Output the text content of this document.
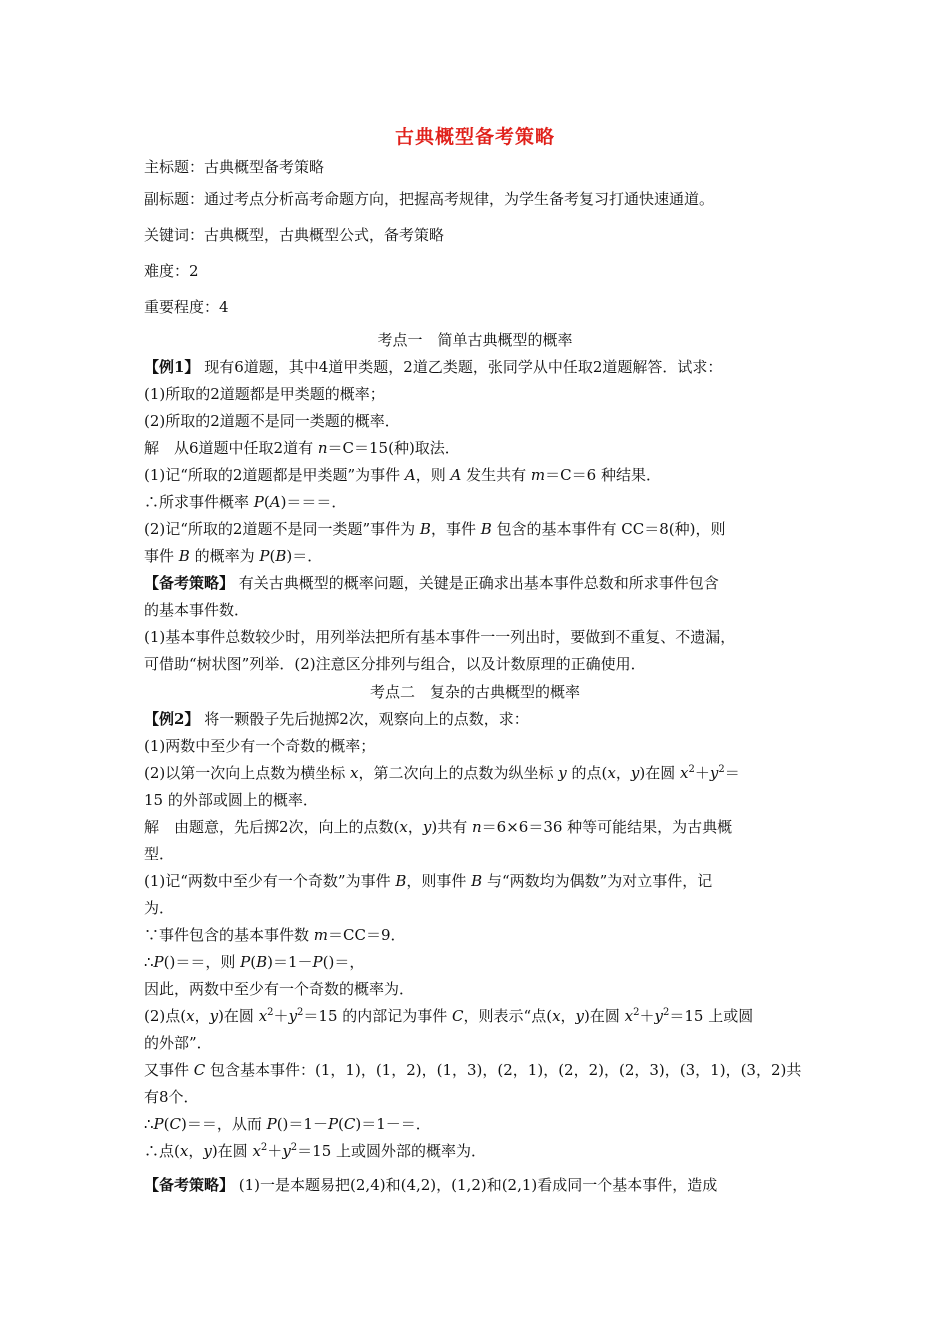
古典概型备考策略
主标题：古典概型备考策略
副标题：通过考点分析高考命题方向，把握高考规律，为学生备考复习打通快速通道。
关键词：古典概型，古典概型公式，备考策略
难度：2
重要程度：4
考点一　简单古典概型的概率
【例1】 现有6道题，其中4道甲类题，2道乙类题，张同学从中任取2道题解答．试求：
(1)所取的2道题都是甲类题的概率；
(2)所取的2道题不是同一类题的概率．
解　从6道题中任取2道有 n＝C＝15(种)取法．
(1)记“所取的2道题都是甲类题”为事件 A，则 A 发生共有 m＝C＝6 种结果．
∴所求事件概率 P(A)＝＝＝．
(2)记“所取的2道题不是同一类题”事件为 B，事件 B 包含的基本事件有 CC＝8(种)，则
事件 B 的概率为 P(B)＝．
【备考策略】 有关古典概型的概率问题，关键是正确求出基本事件总数和所求事件包含
的基本事件数．
(1)基本事件总数较少时，用列举法把所有基本事件一一列出时，要做到不重复、不遗漏，
可借助“树状图”列举．(2)注意区分排列与组合，以及计数原理的正确使用．
考点二　复杂的古典概型的概率
【例2】 将一颗骰子先后抛掷2次，观察向上的点数，求：
(1)两数中至少有一个奇数的概率；
(2)以第一次向上点数为横坐标 x，第二次向上的点数为纵坐标 y 的点(x，y)在圆 $x^2+y^2=$
15 的外部或圆上的概率．
解　由题意，先后掷2次，向上的点数(x，y)共有 n＝6×6＝36 种等可能结果，为古典概
型．
(1)记“两数中至少有一个奇数”为事件 B，则事件 B 与“两数均为偶数”为对立事件，记
为．
∵事件包含的基本事件数 m＝CC＝9．
∴P()＝＝，则 P(B)＝1－P()＝，
因此，两数中至少有一个奇数的概率为．
(2)点(x，y)在圆 $x^2+y^2=15$ 的内部记为事件 C，则表示“点(x，y)在圆 $x^2+y^2=15$ 上或圆
的外部”．
又事件 C 包含基本事件：(1，1)，(1，2)，(1，3)，(2，1)，(2，2)，(2，3)，(3，1)，(3，2)共
有8个．
∴P(C)＝＝，从而 P()＝1－P(C)＝1－＝．
∴点(x，y)在圆 $x^2+y^2=15$ 上或圆外部的概率为．
【备考策略】 (1)一是本题易把(2,4)和(4,2)，(1,2)和(2,1)看成同一个基本事件，造成
